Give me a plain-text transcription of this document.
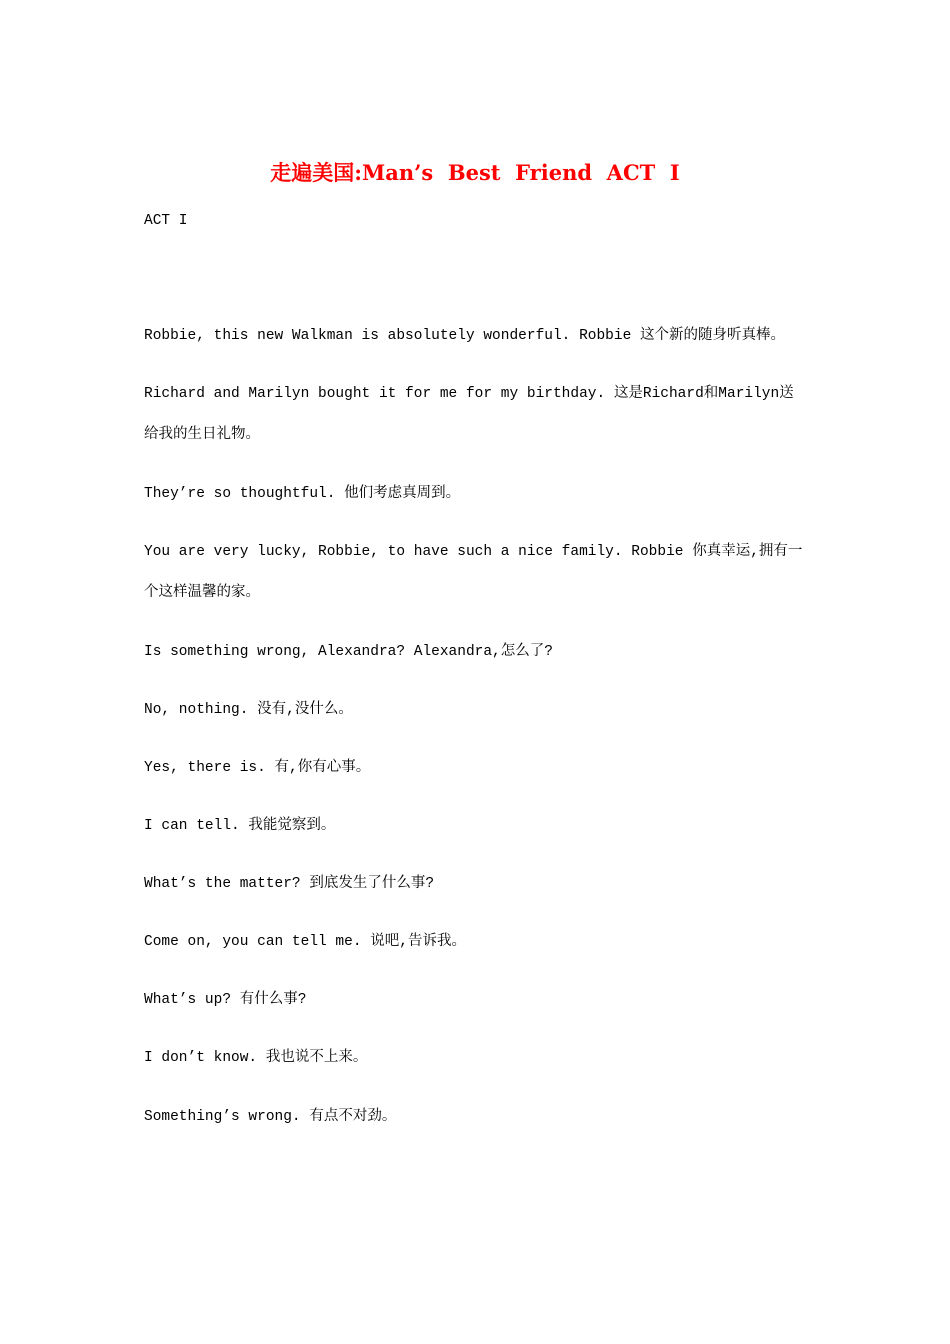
走遍美国:Man’s  Best  Friend  ACT  I
ACT I
Robbie, this new Walkman is absolutely wonderful. Robbie 这个新的随身听真棒。
Richard and Marilyn bought it for me for my birthday. 这是Richard和Marilyn送给我的生日礼物。
They’re so thoughtful. 他们考虑真周到。
You are very lucky, Robbie, to have such a nice family. Robbie 你真幸运,拥有一个这样温馨的家。
Is something wrong, Alexandra? Alexandra,怎么了?
No, nothing. 没有,没什么。
Yes, there is. 有,你有心事。
I can tell. 我能觉察到。
What’s the matter? 到底发生了什么事?
Come on, you can tell me. 说吧,告诉我。
What’s up? 有什么事?
I don’t know. 我也说不上来。
Something’s wrong. 有点不对劲。
